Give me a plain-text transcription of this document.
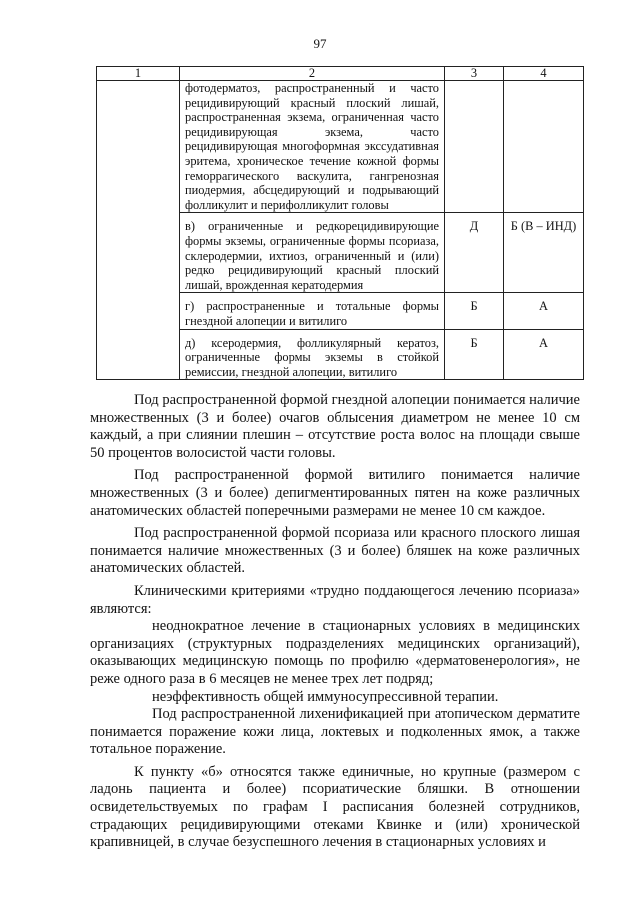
97
1	2	3	4
	фотодерматоз, распространенный и часто рецидивирующий красный плоский лишай, распространенная экзема, ограниченная часто рецидивирующая экзема, часто рецидивирующая многоформная экссудативная эритема, хроническое течение кожной формы геморрагического васкулита, гангренозная пиодермия, абсцедирующий и подрывающий фолликулит и перифолликулит головы		
	в) ограниченные и редкорецидивирующие формы экземы, ограниченные формы псориаза, склеродермии, ихтиоз, ограниченный и (или) редко рецидивирующий красный плоский лишай, врожденная кератодермия	Д	Б (В – ИНД)
	г) распространенные и тотальные формы гнездной алопеции и витилиго	Б	А
	д) ксеродермия, фолликулярный кератоз, ограниченные формы экземы в стойкой ремиссии, гнездной алопеции, витилиго	Б	А

Под распространенной формой гнездной алопеции понимается наличие множественных (3 и более) очагов облысения диаметром не менее 10 см каждый, а при слиянии плешин – отсутствие роста волос на площади свыше 50 процентов волосистой части головы.

Под распространенной формой витилиго понимается наличие множественных (3 и более) депигментированных пятен на коже различных анатомических областей поперечными размерами не менее 10 см каждое.

Под распространенной формой псориаза или красного плоского лишая понимается наличие множественных (3 и более) бляшек на коже различных анатомических областей.

Клиническими критериями «трудно поддающегося лечению псориаза» являются:

неоднократное лечение в стационарных условиях в медицинских организациях (структурных подразделениях медицинских организаций), оказывающих медицинскую помощь по профилю «дерматовенерология», не реже одного раза в 6 месяцев не менее трех лет подряд;

неэффективность общей иммуносупрессивной терапии.

Под распространенной лихенификацией при атопическом дерматите понимается поражение кожи лица, локтевых и подколенных ямок, а также тотальное поражение.

К пункту «б» относятся также единичные, но крупные (размером с ладонь пациента и более) псориатические бляшки. В отношении освидетельствуемых по графам I расписания болезней сотрудников, страдающих рецидивирующими отеками Квинке и (или) хронической крапивницей, в случае безуспешного лечения в стационарных условиях и
